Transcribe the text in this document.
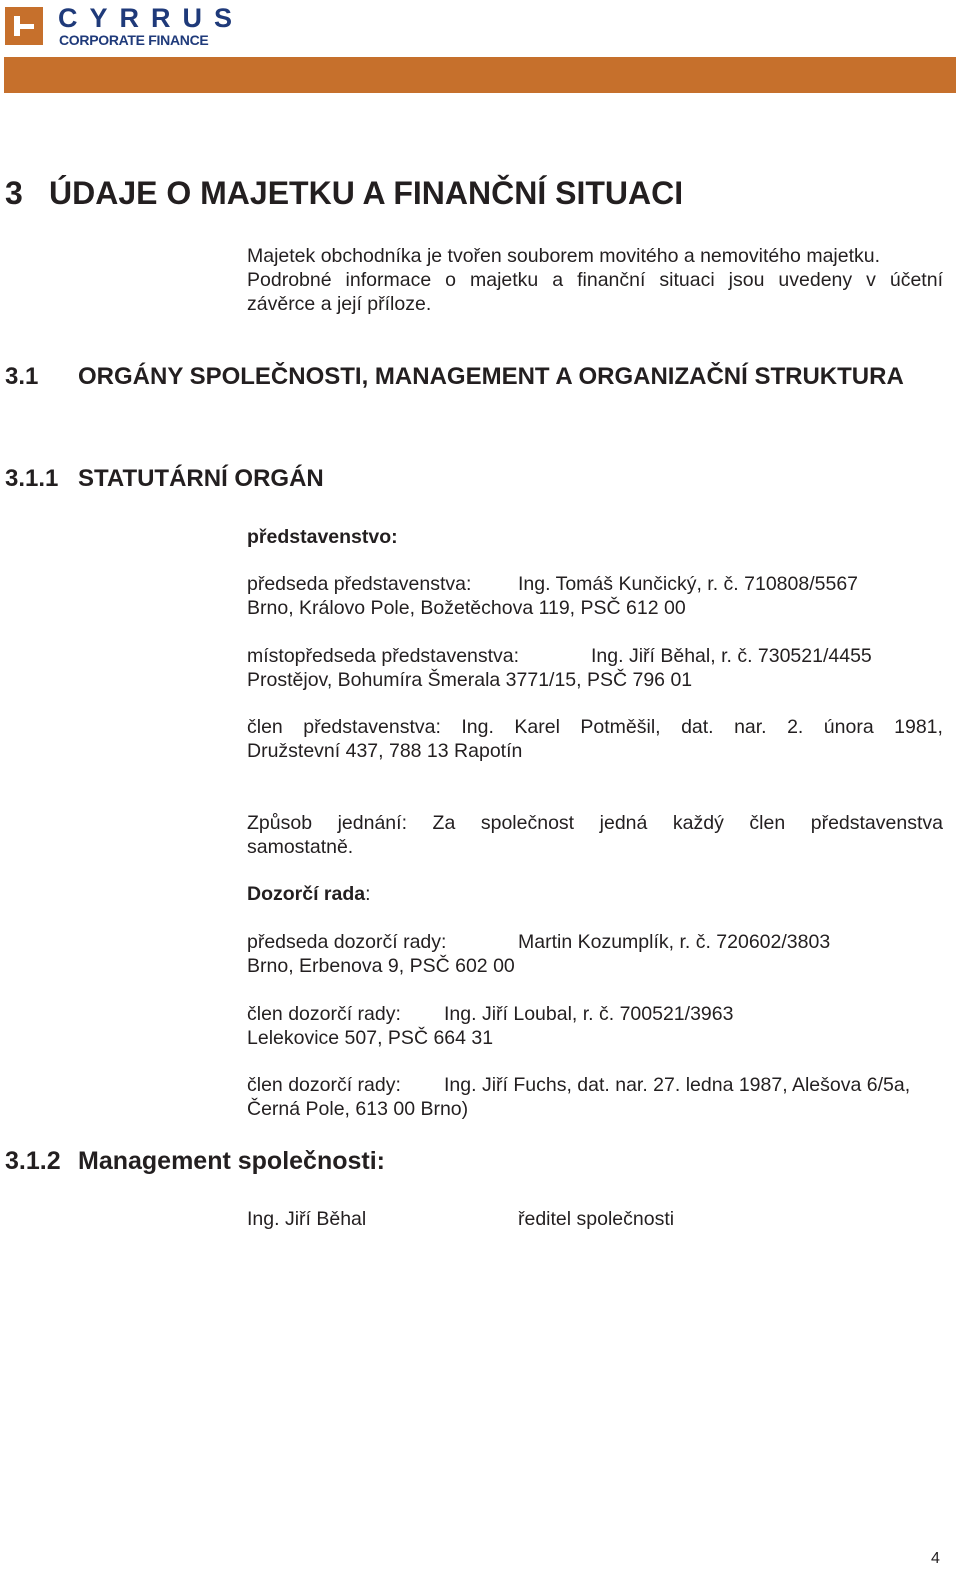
CYRRUS
CORPORATE FINANCE
3 ÚDAJE O MAJETKU A FINANČNÍ SITUACI
Majetek obchodníka je tvořen souborem movitého a nemovitého majetku.
Podrobné informace o majetku a finanční situaci jsou uvedeny v účetní
závěrce a její příloze.
3.1 ORGÁNY SPOLEČNOSTI, MANAGEMENT A ORGANIZAČNÍ STRUKTURA
3.1.1 STATUTÁRNÍ ORGÁN
představenstvo:
předseda představenstva: Ing. Tomáš Kunčický, r. č. 710808/5567
Brno, Královo Pole, Božetěchova 119, PSČ 612 00
místopředseda představenstva:	Ing. Jiří Běhal, r. č. 730521/4455
Prostějov, Bohumíra Šmerala 3771/15, PSČ 796 01
člen představenstva: Ing. Karel Potměšil, dat. nar. 2. února 1981,
Družstevní 437, 788 13 Rapotín
Způsob jednání: Za společnost jedná každý člen představenstva
samostatně.
Dozorčí rada:
předseda dozorčí rady:	Martin Kozumplík, r. č. 720602/3803
Brno, Erbenova 9, PSČ 602 00
člen dozorčí rady: Ing. Jiří Loubal, r. č. 700521/3963
Lelekovice 507, PSČ 664 31
člen dozorčí rady: Ing. Jiří Fuchs, dat. nar. 27. ledna 1987, Alešova 6/5a,
Černá Pole, 613 00 Brno)
3.1.2 Management společnosti:
Ing. Jiří Běhal	ředitel společnosti
4
